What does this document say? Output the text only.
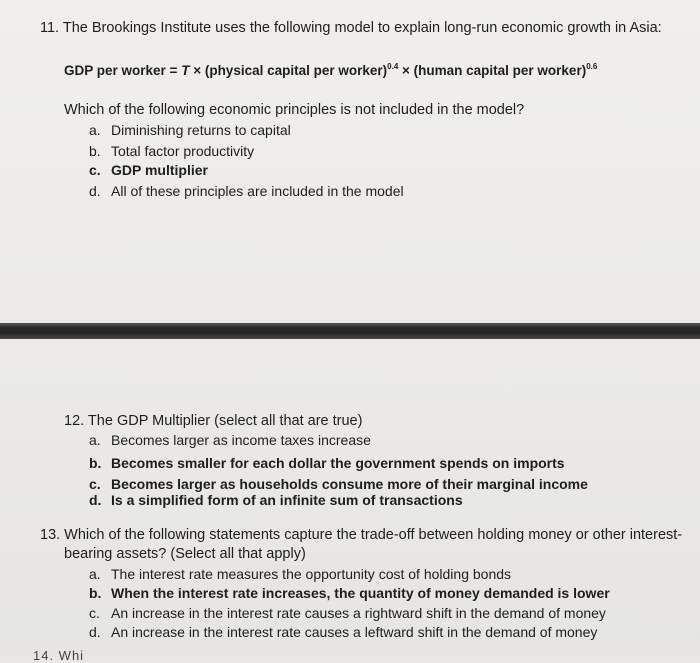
11. The Brookings Institute uses the following model to explain long-run economic growth in Asia:
GDP per worker = T × (physical capital per worker)$^{0.4}$ × (human capital per worker)$^{0.6}$
Which of the following economic principles is not included in the model?
a. Diminishing returns to capital
b. Total factor productivity
c. GDP multiplier
d. All of these principles are included in the model
12. The GDP Multiplier (select all that are true)
a. Becomes larger as income taxes increase
b. Becomes smaller for each dollar the government spends on imports
c. Becomes larger as households consume more of their marginal income
d. Is a simplified form of an infinite sum of transactions
13. Which of the following statements capture the trade-off between holding money or other interest-
bearing assets? (Select all that apply)
a. The interest rate measures the opportunity cost of holding bonds
b. When the interest rate increases, the quantity of money demanded is lower
c. An increase in the interest rate causes a rightward shift in the demand of money
d. An increase in the interest rate causes a leftward shift in the demand of money
14. Whi
